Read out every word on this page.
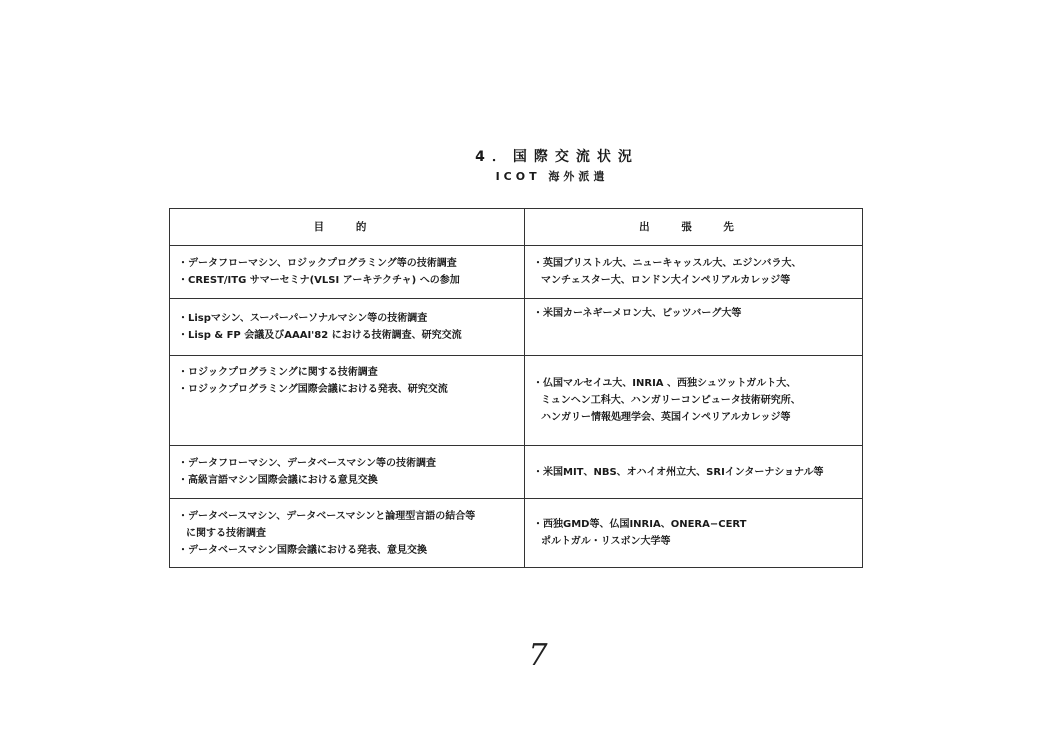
4．国際交流状況
ICOT 海外派遣
目 的	出 張 先

・データフローマシン、ロジックプログラミング等の技術調査
・CREST/ITG サマーセミナ(VLSI アーキテクチャ) への参加	・英国ブリストル大、ニューキャッスル大、エジンバラ大、
マンチェスター大、ロンドン大インペリアルカレッジ等

・Lispマシン、スーパーパーソナルマシン等の技術調査
・Lisp & FP 会議及びAAAI'82 における技術調査、研究交流	・米国カーネギーメロン大、ピッツバーグ大等

・ロジックプログラミングに関する技術調査
・ロジックプログラミング国際会議における発表、研究交流	・仏国マルセイユ大、INRIA 、西独シュツットガルト大、
ミュンヘン工科大、ハンガリーコンピュータ技術研究所、
ハンガリー情報処理学会、英国インペリアルカレッジ等

・データフローマシン、データベースマシン等の技術調査
・高級言語マシン国際会議における意見交換	・米国MIT、NBS、オハイオ州立大、SRIインターナショナル等

・データベースマシン、データベースマシンと論理型言語の結合等
に関する技術調査
・データベースマシン国際会議における発表、意見交換	・西独GMD等、仏国INRIA、ONERA−CERT
ポルトガル・リスボン大学等
7
